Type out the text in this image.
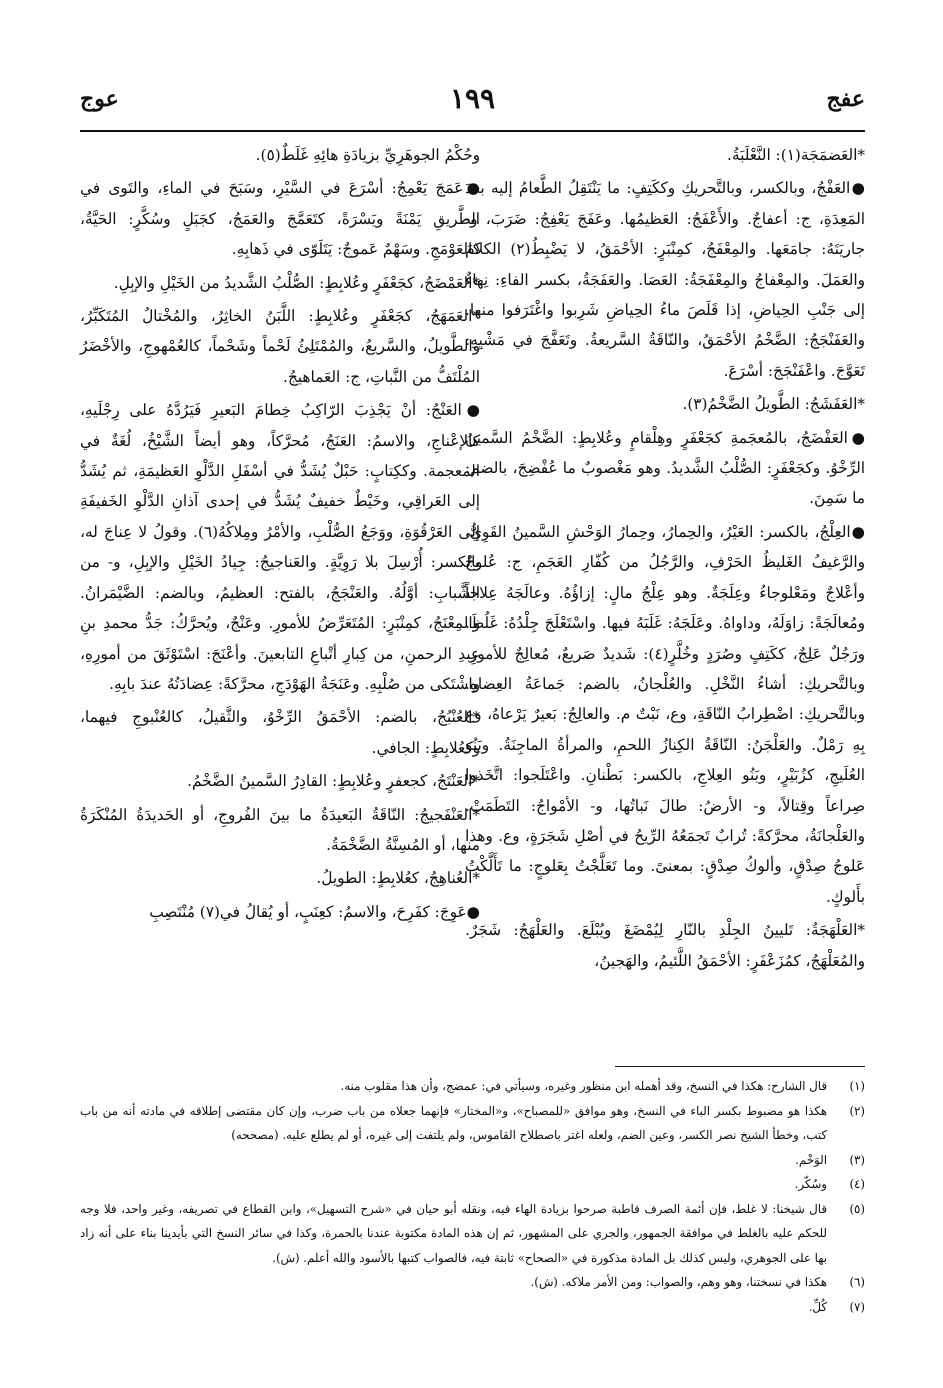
عفج
١٩٩
عوج

*العَضمَجَة(١): النَّعْلَبَةُ.

●العَفْجُ، وبالكسر، وبالتَّحريكِ وككَتِفٍ: ما يَنْتَقِلُ الطَّعامُ إليه بعدَ المَعِدَةِ، ج: أعفاجٌ. والأَعْفَجُ: العَظيمُها. وعَفَجَ يَعْفِجُ: ضَرَبَ، و- جاريَتَهُ: جامَعَها. والمِعْفَجُ، كمِنْبَرٍ: الأحْمَقُ، لا يَضْبِطُ(٢) الكلامَ والعَمَلَ. والمِعْفاجُ والمِعْفَجَةُ: العَصَا. والعَفَجَةُ، بكسر الفاءِ: نِهاءٌ إلى جَنْبِ الحِياضِ، إذا قَلَصَ ماءُ الحِياضِ شَرِبوا واغْتَرَفوا منها. والعَفَنْجَجُ: الضَّخْمُ الأحْمَقُ، والنّاقَةُ السَّريعةُ. وتَعَفَّجَ في مَشْيِهِ: تَعَوَّجَ. واعْفَنْجَجَ: أسْرَعَ.

*العَفَشَجُ: الطَّويلُ الضَّخْمُ(٣).

●العَفْضَجُ، بالمُعجَمةِ كجَعْفَرٍ وهِلْقامٍ وعُلابِطٍ: الضَّخْمُ السَّمينُ الرِّخْوُ. وكجَعْفَرٍ: الصُّلْبُ الشَّديدُ. وهو مَغْصوبٌ ما عُفْضِجَ، بالضم: ما سَمِنَ.

●العِلْجُ، بالكسر: العَيْرُ، والحِمارُ، وحِمارُ الوَحْشِ السَّمينُ القَوِيُّ، والرَّغيفُ الغَليظُ الحَرْفِ، والرَّجُلُ من كُفّارِ العَجَمِ، ج: عُلوجٌ وأعْلاجٌ ومَعْلوجاءُ وعِلَجَةٌ. وهو عِلْجُ مالٍ: إزاؤُهُ. وعالَجَهُ عِلاجاً ومُعالَجَةً: زاوَلَهُ، وداواهُ. وعَلَجَهُ: غَلَبَهُ فيها. واسْتَعْلَجَ جِلْدُهُ: غَلُظَ. ورَجُلٌ عَلِجٌ، ككَتِفٍ وصُرَدٍ وخُلَّرٍ(٤): شَديدٌ صَريعٌ، مُعالِجٌ للأمورِ. وبالتَّحريكِ: أشاءُ النَّخْلِ. والعُلْجانُ، بالضم: جَماعَةُ العِضاهِ. وبالتَّحريكِ: اضْطِرابُ النّاقَةِ، وع، نَبْتٌ م. والعالِجُ: بَعيرٌ يَرْعاهُ، وع بِهِ رَمْلٌ. والعَلْجَنُ: النّاقَةُ الكِنازُ اللحمِ، والمرأةُ الماجِنَةُ. وبَنُو العُلَيجِ، كزُبَيْرٍ، وبَنُو العِلاجِ، بالكسر: بَطْنانِ. واعْتَلَجوا: اتَّخَذوا صِراعاً وقِتالاً، و- الأرضُ: طالَ نَباتُها، و- الأمْواجُ: التَطَمَتْ. والعَلْجانَةُ، محرَّكةً: تُرابٌ تَجمَعُهُ الرِّيحُ في أصْلِ شَجَرَةٍ، وع. وهذا عَلوجُ صِدْقٍ، وألوكُ صِدْقٍ: بمعنىً. وما تَعَلَّجْتُ بِعَلوجٍ: ما تَأَلَّكْتُ بأَلوكٍ.

*العَلْهَجَةُ: تَليينُ الجِلْدِ بالنّارِ لِيُمْضَغَ ويُبْلَعَ. والعَلْهَجُ: شَجَرٌ. والمُعَلْهَجُ، كمُزَعْفَرٍ: الأحْمَقُ اللَّئيمُ، والهَجينُ،

وحُكْمُ الجوهَرِيِّ بزيادَةِ هائِهِ غَلَطٌ(٥).

●عَمَجَ يَعْمِجُ: أسْرَعَ في السَّيْرِ، وسَبَحَ في الماءِ، والتَوى في الطَّريقِ يَمْنَةً ويَسْرَةً، كتَعَمَّجَ والعَمَجُ، كجَبَلٍ وسُكَّرٍ: الحَيَّةُ، كالعَوْمَجِ. وسَهْمٌ عَموجٌ: يَتَلَوّى في ذَهابِهِ.

*العَمْضَجُ، كجَعْفَرٍ وعُلابِطٍ: الصُّلْبُ الشَّديدُ من الخَيْلِ والإبِلِ.

*العَمَهَجُ، كجَعْفَرٍ وعُلابِطٍ: اللَّبَنُ الخاثِرُ، والمُخْتالُ المُتَكَبِّرُ، والطَّويلُ، والسَّريعُ، والمُمْتَلِئُ لَحْماً وشَحْماً، كالعُمْهوجِ، والأخْضَرُ المُلْتَفُّ من النَّباتِ، ج: العَماهيجُ.

●العَنْجُ: أنْ يَجْذِبَ الرّاكِبُ خِطامَ البَعيرِ فَيَرُدَّهُ على رِجْلَيهِ، كالإعْناجِ، والاسمُ: العَنَجُ، مُحرَّكاً، وهو أيضاً الشَّيْخُ، لُغَةٌ في المعجمة. وككِتابٍ: حَبْلٌ يُشَدُّ في أسْفَلِ الدَّلْوِ العَظيمَةِ، ثم يُشَدُّ إلى العَراقِي، وخَيْطٌ خفيفٌ يُشَدُّ في إحدى آذانِ الدَّلْوِ الخَفيفَةِ إلى العَرْقُوَةِ، ووَجَعُ الصُّلْبِ، والأمْرُ ومِلاكُهُ(٦). وقولُ لا عِناجَ له، بالكسر: أُرْسِلَ بلا رَوِيَّةٍ. والعَناجيجُ: جِيادُ الخَيْلِ والإبِلِ، و- من الشَّبابِ: أوَّلُهُ. والعَنْجَجُ، بالفتح: العظيمُ، وبالضم: الضَّيْمَرانُ. والمِعْنَجُ، كمِنْبَرٍ: المُتَعَرِّضُ للأمورِ. وعَنْجٌ، ويُحرَّكُ: جَدُّ محمدِ بنِ عبدِ الرحمنِ، من كِبارِ أتْباعِ التابعينَ. وأعْنَجَ: اسْتَوْثَقَ من أمورِهِ، واشْتَكى من صُلْبِهِ. وعَنَجَةُ الهَوْدَجِ، محرَّكةً: عِضادَتُهُ عندَ بابِهِ.

*العُنْبُجُ، بالضم: الأحْمَقُ الرِّخْوُ، والثَّقيلُ، كالعُنْبوجِ فيهما، وكعُلابِطٍ: الجافي.

*العَنْتَجُ، كجعفرٍ وعُلابِطٍ: القادِرُ السَّمينُ الضَّخْمُ.

*العَنْفَجيجُ: النّاقَةُ البَعيدَةُ ما بينَ الفُروجِ، أو الحَديدَةُ المُنْكَرَةُ منها، أو المُسِنَّةُ الضَّخْمَةُ.

*العُناهِجُ، كعُلابِطٍ: الطويلُ.

●عَوِجَ: كفَرِحَ، والاسمُ: كعِنَبٍ، أو يُقالُ في(٧) مُنْتَصِبِ

(١)
قال الشارح: هكذا في النسخ، وقد أهمله ابن منظور وغيره، وسيأتي في: عمضج، وأن هذا مقلوب منه.
(٢)
هكذا هو مضبوط بكسر الباء في النسخ، وهو موافق «للمصباح»، و«المختار» فإنهما جعلاه من باب ضرب، وإن كان مقتضى إطلاقه في مادته أنه من باب كتب، وخطأ الشيخ نصر الكسر، وعين الضم، ولعله اغتر باصطلاح القاموس، ولم يلتفت إلى غيره، أو لم يطلع عليه. (مصححه)
(٣)
الوَخْم.
(٤)
وسُكّر.
(٥)
قال شيخنا: لا غلط، فإن أئمة الصرف قاطبة صرحوا بزيادة الهاء فيه، ونقله أبو حيان في «شرح التسهيل»، وابن القطاع في تصريفه، وغير واحد، فلا وجه للحكم عليه بالغلط في موافقة الجمهور، والجري على المشهور، ثم إن هذه المادة مكتوبة عندنا بالحمرة، وكذا في سائر النسخ التي بأيدينا بناء على أنه زاد بها على الجوهري، وليس كذلك بل المادة مذكورة في «الصحاح» ثابتة فيه، فالصواب كتبها بالأسود والله أعلم. (ش).
(٦)
هكذا في نسختنا، وهو وهم، والصواب: ومن الأمر ملاكه. (ش).
(٧)
كُلِّ.
